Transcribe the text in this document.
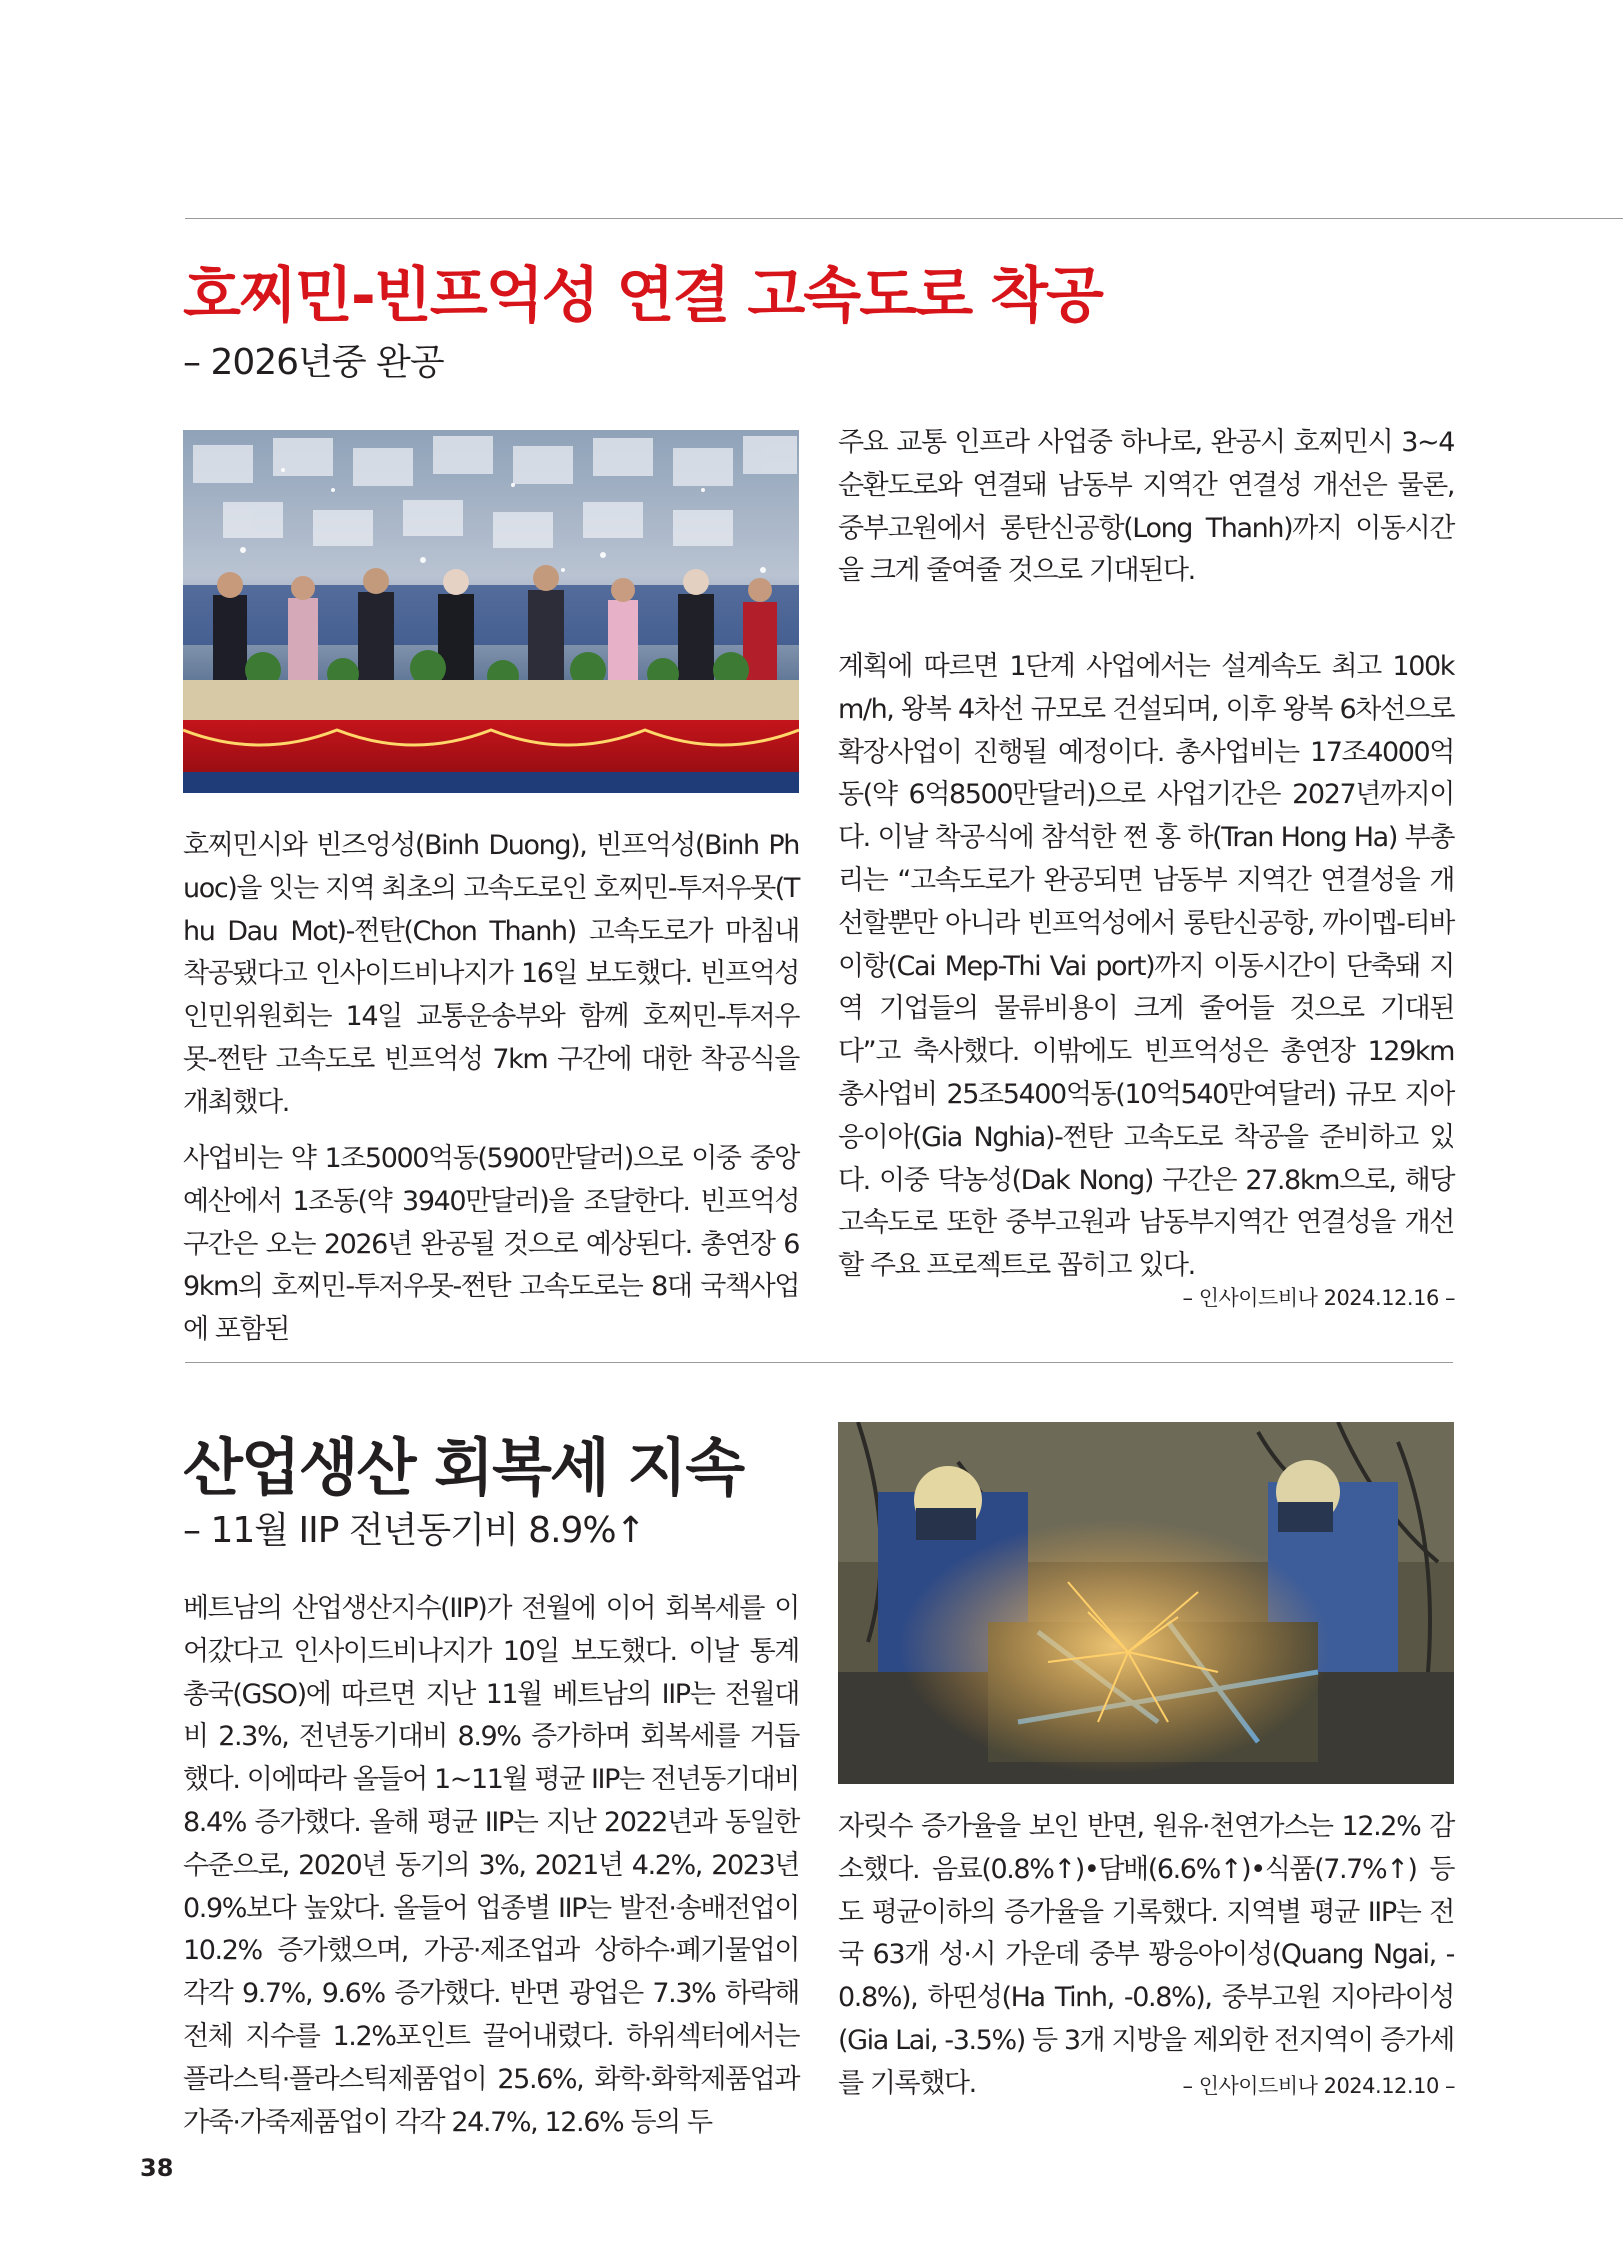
호찌민-빈프억성 연결 고속도로 착공
– 2026년중 완공

호찌민시와 빈즈엉성(Binh Duong), 빈프억성(Binh Phuoc)을 잇는 지역 최초의 고속도로인 호찌민-투저우못(Thu Dau Mot)-쩐탄(Chon Thanh) 고속도로가 마침내 착공됐다고 인사이드비나지가 16일 보도했다. 빈프억성 인민위원회는 14일 교통운송부와 함께 호찌민-투저우못-쩐탄 고속도로 빈프억성 7km 구간에 대한 착공식을 개최했다.

사업비는 약 1조5000억동(5900만달러)으로 이중 중앙예산에서 1조동(약 3940만달러)을 조달한다. 빈프억성 구간은 오는 2026년 완공될 것으로 예상된다. 총연장 69km의 호찌민-투저우못-쩐탄 고속도로는 8대 국책사업에 포함된

주요 교통 인프라 사업중 하나로, 완공시 호찌민시 3~4순환도로와 연결돼 남동부 지역간 연결성 개선은 물론, 중부고원에서 롱탄신공항(Long Thanh)까지 이동시간을 크게 줄여줄 것으로 기대된다.

계획에 따르면 1단계 사업에서는 설계속도 최고 100km/h, 왕복 4차선 규모로 건설되며, 이후 왕복 6차선으로 확장사업이 진행될 예정이다. 총사업비는 17조4000억동(약 6억8500만달러)으로 사업기간은 2027년까지이다. 이날 착공식에 참석한 쩐 홍 하(Tran Hong Ha) 부총리는 “고속도로가 완공되면 남동부 지역간 연결성을 개선할뿐만 아니라 빈프억성에서 롱탄신공항, 까이멥-티바이항(Cai Mep-Thi Vai port)까지 이동시간이 단축돼 지역 기업들의 물류비용이 크게 줄어들 것으로 기대된다”고 축사했다. 이밖에도 빈프억성은 총연장 129km 총사업비 25조5400억동(10억540만여달러) 규모 지아응이아(Gia Nghia)-쩐탄 고속도로 착공을 준비하고 있다. 이중 닥농성(Dak Nong) 구간은 27.8km으로, 해당 고속도로 또한 중부고원과 남동부지역간 연결성을 개선할 주요 프로젝트로 꼽히고 있다.

– 인사이드비나 2024.12.16 –

산업생산 회복세 지속
– 11월 IIP 전년동기비 8.9%↑

베트남의 산업생산지수(IIP)가 전월에 이어 회복세를 이어갔다고 인사이드비나지가 10일 보도했다. 이날 통계총국(GSO)에 따르면 지난 11월 베트남의 IIP는 전월대비 2.3%, 전년동기대비 8.9% 증가하며 회복세를 거듭했다. 이에따라 올들어 1~11월 평균 IIP는 전년동기대비 8.4% 증가했다. 올해 평균 IIP는 지난 2022년과 동일한 수준으로, 2020년 동기의 3%, 2021년 4.2%, 2023년 0.9%보다 높았다. 올들어 업종별 IIP는 발전·송배전업이 10.2% 증가했으며, 가공·제조업과 상하수·폐기물업이 각각 9.7%, 9.6% 증가했다. 반면 광업은 7.3% 하락해 전체 지수를 1.2%포인트 끌어내렸다. 하위섹터에서는 플라스틱·플라스틱제품업이 25.6%, 화학·화학제품업과 가죽·가죽제품업이 각각 24.7%, 12.6% 등의 두

자릿수 증가율을 보인 반면, 원유·천연가스는 12.2% 감소했다. 음료(0.8%↑)•담배(6.6%↑)•식품(7.7%↑) 등도 평균이하의 증가율을 기록했다. 지역별 평균 IIP는 전국 63개 성·시 가운데 중부 꽝응아이성(Quang Ngai, -0.8%), 하띤성(Ha Tinh, -0.8%), 중부고원 지아라이성(Gia Lai, -3.5%) 등 3개 지방을 제외한 전지역이 증가세를 기록했다.	– 인사이드비나 2024.12.10 –

38
